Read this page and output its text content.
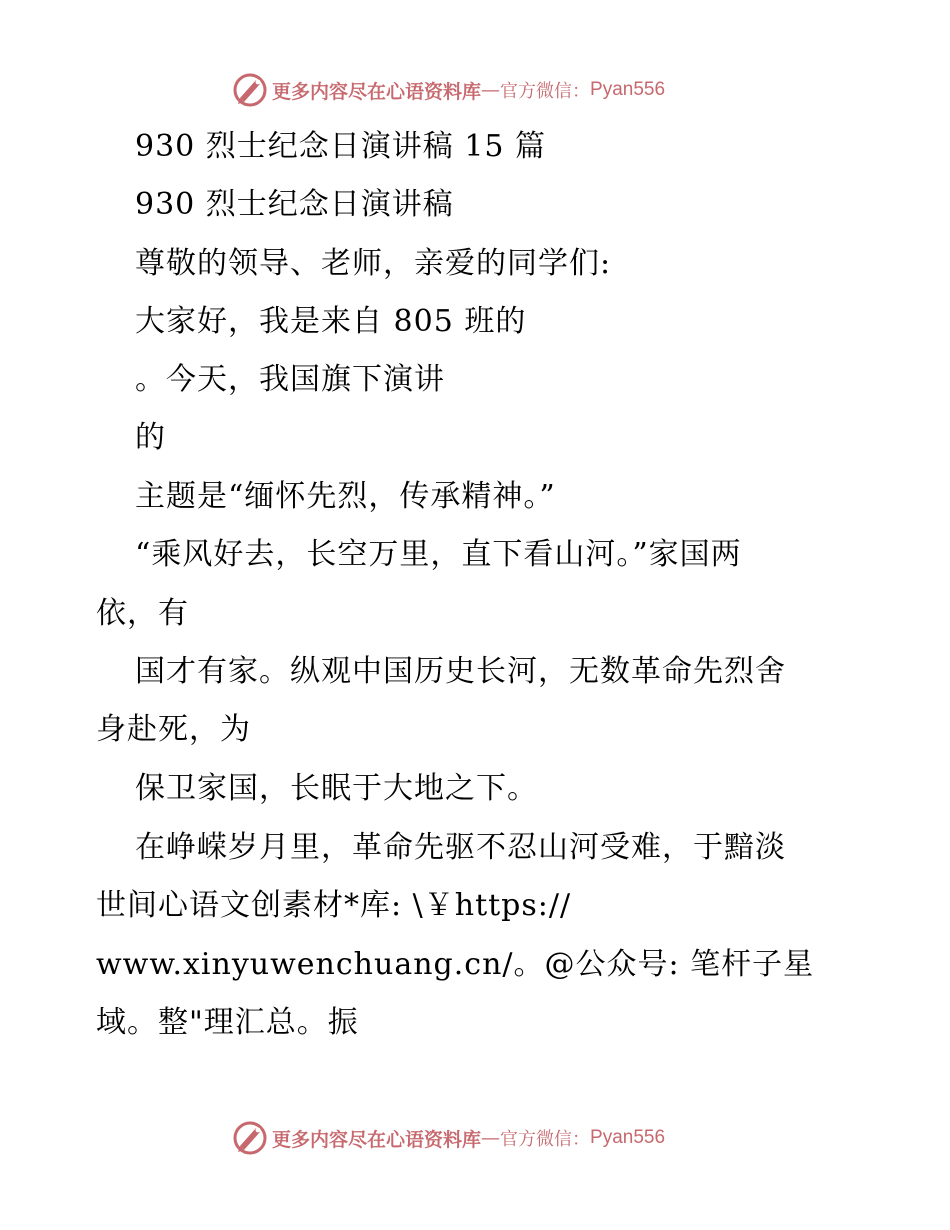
更多内容尽在心语资料库 — 官方微信： Pyan556
930 烈士纪念日演讲稿 15 篇
930 烈士纪念日演讲稿
尊敬的领导、老师，亲爱的同学们:
大家好，我是来自 805 班的
。今天，我国旗下演讲
的
主题是“缅怀先烈，传承精神。”
“乘风好去，长空万里，直下看山河。”家国两
依，有
国才有家。纵观中国历史长河，无数革命先烈舍
身赴死，为
保卫家国，长眠于大地之下。
在峥嵘岁月里，革命先驱不忍山河受难，于黯淡
世间心语文创素材*库: \￥https://
www.xinyuwenchuang.cn/。@公众号: 笔杆子星
域。整"理汇总。振
更多内容尽在心语资料库 — 官方微信： Pyan556
